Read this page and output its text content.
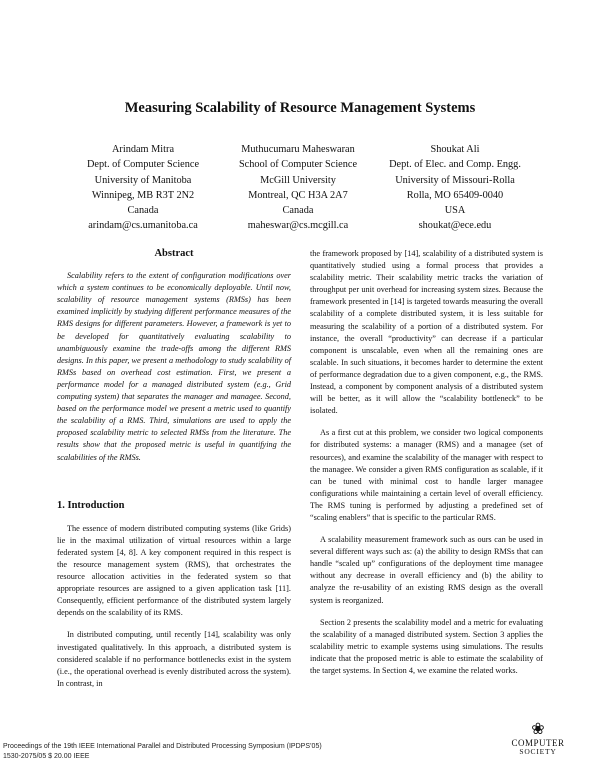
Measuring Scalability of Resource Management Systems
Arindam Mitra
Dept. of Computer Science
University of Manitoba
Winnipeg, MB R3T 2N2
Canada
arindam@cs.umanitoba.ca
Muthucumaru Maheswaran
School of Computer Science
McGill University
Montreal, QC H3A 2A7
Canada
maheswar@cs.mcgill.ca
Shoukat Ali
Dept. of Elec. and Comp. Engg.
University of Missouri-Rolla
Rolla, MO 65409-0040
USA
shoukat@ece.edu
Abstract

Scalability refers to the extent of configuration modifications over which a system continues to be economically deployable. Until now, scalability of resource management systems (RMSs) has been examined implicitly by studying different performance measures of the RMS designs for different parameters. However, a framework is yet to be developed for quantitatively evaluating scalability to unambiguously examine the trade-offs among the different RMS designs. In this paper, we present a methodology to study scalability of RMSs based on overhead cost estimation. First, we present a performance model for a managed distributed system (e.g., Grid computing system) that separates the manager and managee. Second, based on the performance model we present a metric used to quantify the scalability of a RMS. Third, simulations are used to apply the proposed scalability metric to selected RMSs from the literature. The results show that the proposed metric is useful in quantifying the scalabilities of the RMSs.

1. Introduction

The essence of modern distributed computing systems (like Grids) lie in the maximal utilization of virtual resources within a large federated system [4, 8]. A key component required in this respect is the resource management system (RMS), that orchestrates the resource allocation activities in the federated system so that appropriate resources are assigned to a given application task [11]. Consequently, efficient performance of the distributed system largely depends on the scalability of its RMS.

In distributed computing, until recently [14], scalability was only investigated qualitatively. In this approach, a distributed system is considered scalable if no performance bottlenecks exist in the system (i.e., the operational overhead is evenly distributed across the system). In contrast, in

the framework proposed by [14], scalability of a distributed system is quantitatively studied using a formal process that provides a scalability metric. Their scalability metric tracks the variation of throughput per unit overhead for increasing system sizes. Because the framework presented in [14] is targeted towards measuring the overall scalability of a complete distributed system, it is less suitable for measuring the scalability of a portion of a distributed system. For instance, the overall “productivity” can decrease if a particular component is unscalable, even when all the remaining ones are scalable. In such situations, it becomes harder to determine the extent of performance degradation due to a given component, e.g., the RMS. Instead, a component by component analysis of a distributed system will be better, as it will allow the “scalability bottleneck” to be isolated.

As a first cut at this problem, we consider two logical components for distributed systems: a manager (RMS) and a managee (set of resources), and examine the scalability of the manager with respect to the managee. We consider a given RMS configuration as scalable, if it can be tuned with minimal cost to handle larger managee configurations while maintaining a certain level of overall efficiency. The RMS tuning is performed by adjusting a predefined set of “scaling enablers” that is specific to the particular RMS.

A scalability measurement framework such as ours can be used in several different ways such as: (a) the ability to design RMSs that can handle “scaled up” configurations of the deployment time managee without any decrease in overall efficiency and (b) the ability to analyze the re-usability of an existing RMS design as the overall system is reorganized.

Section 2 presents the scalability model and a metric for evaluating the scalability of a managed distributed system. Section 3 applies the scalability metric to example systems using simulations. The results indicate that the proposed metric is able to estimate the scalability of the target systems. In Section 4, we examine the related works.

Proceedings of the 19th IEEE International Parallel and Distributed Processing Symposium (IPDPS’05)
1530-2075/05 $ 20.00 IEEE
❀
COMPUTER
SOCIETY
